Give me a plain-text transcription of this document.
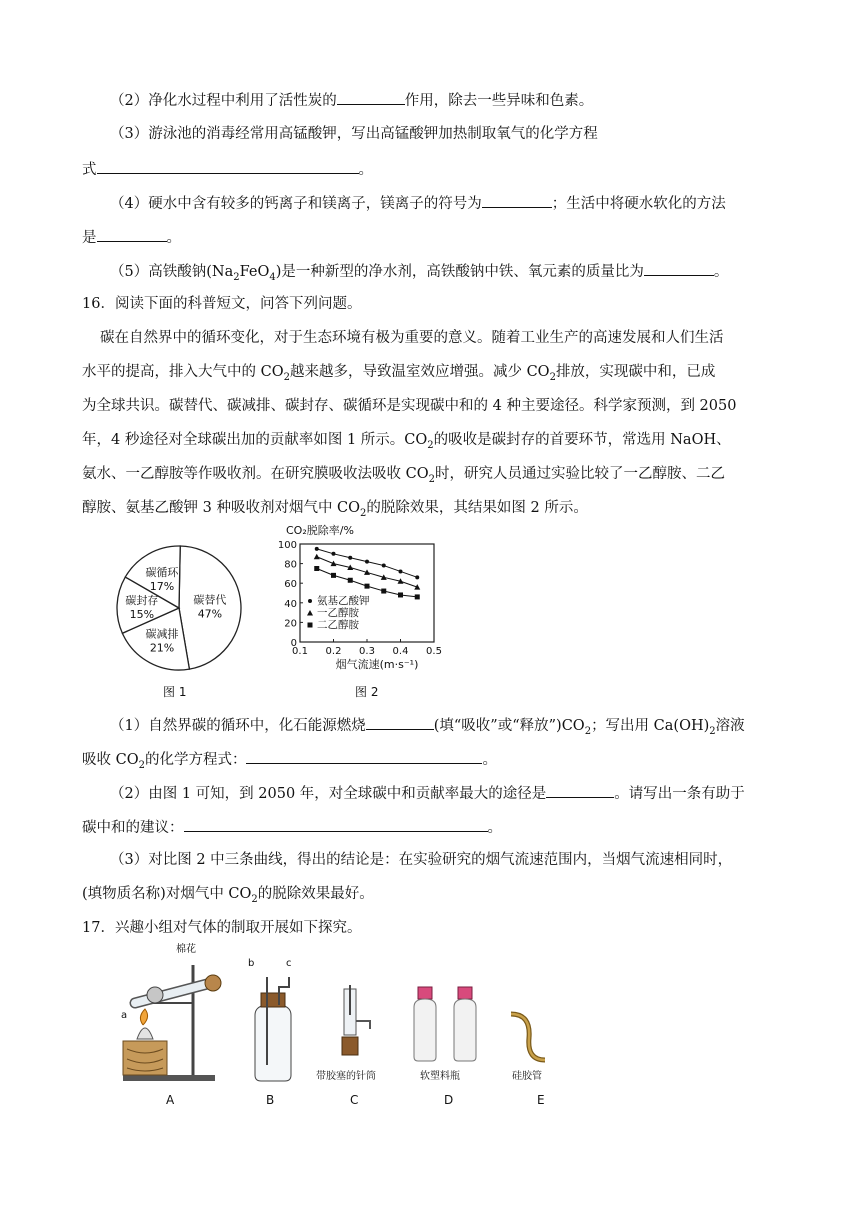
（2）净化水过程中利用了活性炭的	作用，除去一些异味和色素。
（3）游泳池的消毒经常用高锰酸钾，写出高锰酸钾加热制取氧气的化学方程
式	。
（4）硬水中含有较多的钙离子和镁离子，镁离子的符号为	；生活中将硬水软化的方法
是	。
（5）高铁酸钠$(Na_2FeO_4)$是一种新型的净水剂，高铁酸钠中铁、氧元素的质量比为	。
16．阅读下面的科普短文，问答下列问题。
碳在自然界中的循环变化，对于生态环境有极为重要的意义。随着工业生产的高速发展和人们生活
水平的提高，排入大气中的 $CO_2$越来越多，导致温室效应增强。减少 $CO_2$排放，实现碳中和，已成
为全球共识。碳替代、碳减排、碳封存、碳循环是实现碳中和的 4 种主要途径。科学家预测，到 2050
年，4 秒途径对全球碳出加的贡献率如图 1 所示。$CO_2$的吸收是碳封存的首要环节，常选用 NaOH、
氨水、一乙醇胺等作吸收剂。在研究膜吸收法吸收 $CO_2$时，研究人员通过实验比较了一乙醇胺、二乙
醇胺、氨基乙酸钾 3 种吸收剂对烟气中 $CO_2$的脱除效果，其结果如图 2 所示。
碳替代
47%
碳减排
21%
碳封存
15%
碳循环
17%
图 1
CO₂脱除率/%
0
20
40
60
80
100
0.1 0.2 0.3 0.4 0.5
烟气流速(m·s⁻¹)
氨基乙酸钾
一乙醇胺
二乙醇胺
图 2
（1）自然界碳的循环中，化石能源燃烧	(填“吸收”或“释放$”)CO_2$；写出用 $Ca(OH)_2$溶液
吸收 $CO_2$的化学方程式：	。
（2）由图 1 可知，到 2050 年，对全球碳中和贡献率最大的途径是	。请写出一条有助于
碳中和的建议：	。
（3）对比图 2 中三条曲线，得出的结论是：在实验研究的烟气流速范围内，当烟气流速相同时，
(填物质名称)对烟气中 $CO_2$的脱除效果最好。
17．兴趣小组对气体的制取开展如下探究。
棉花
a
b	c
带胶塞的针筒	软塑料瓶	硅胶管
A	B	C	D	E
